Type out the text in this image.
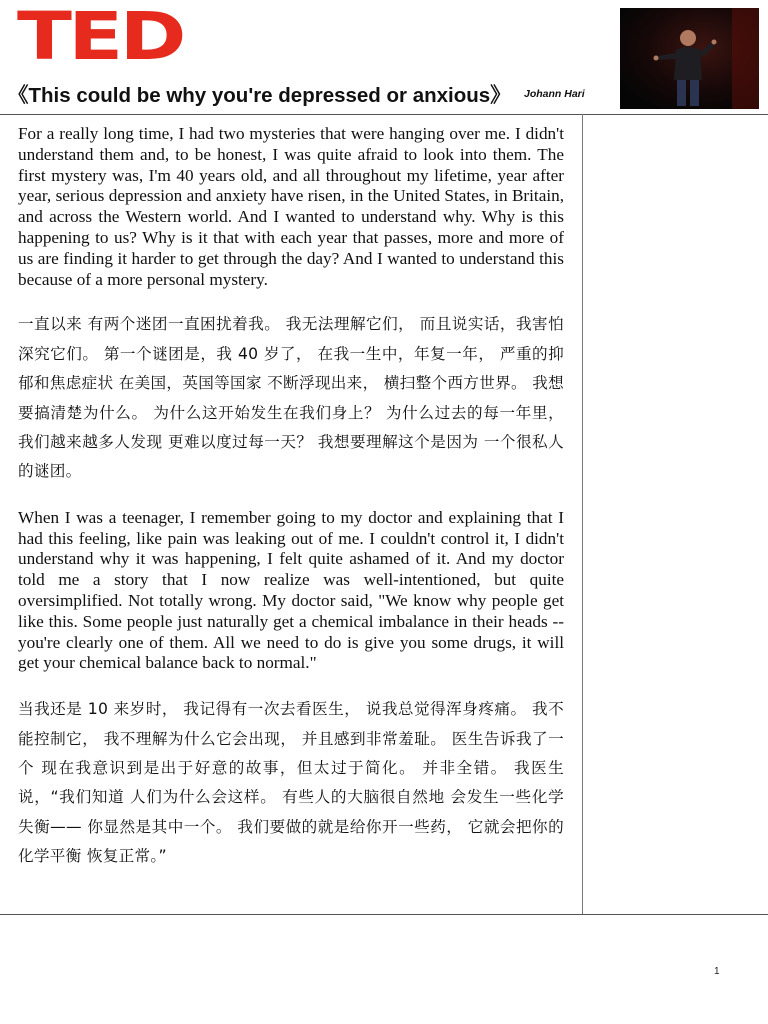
TED
《This could be why you're depressed or anxious》 Johann Hari

For a really long time, I had two mysteries that were hanging over me. I didn't understand them and, to be honest, I was quite afraid to look into them. The first mystery was, I'm 40 years old, and all throughout my lifetime, year after year, serious depression and anxiety have risen, in the United States, in Britain, and across the Western world. And I wanted to understand why. Why is this happening to us? Why is it that with each year that passes, more and more of us are finding it harder to get through the day? And I wanted to understand this because of a more personal mystery.

一直以来 有两个迷团一直困扰着我。 我无法理解它们， 而且说实话，我害怕深究它们。 第一个谜团是，我 40 岁了， 在我一生中，年复一年， 严重的抑郁和焦虑症状 在美国，英国等国家 不断浮现出来， 横扫整个西方世界。 我想要搞清楚为什么。 为什么这开始发生在我们身上？ 为什么过去的每一年里， 我们越来越多人发现 更难以度过每一天？ 我想要理解这个是因为 一个很私人的谜团。

When I was a teenager, I remember going to my doctor and explaining that I had this feeling, like pain was leaking out of me. I couldn't control it, I didn't understand why it was happening, I felt quite ashamed of it. And my doctor told me a story that I now realize was well-intentioned, but quite oversimplified. Not totally wrong. My doctor said, "We know why people get like this. Some people just naturally get a chemical imbalance in their heads -- you're clearly one of them. All we need to do is give you some drugs, it will get your chemical balance back to normal."

当我还是 10 来岁时， 我记得有一次去看医生， 说我总觉得浑身疼痛。 我不能控制它， 我不理解为什么它会出现， 并且感到非常羞耻。 医生告诉我了一个 现在我意识到是出于好意的故事，但太过于简化。 并非全错。 我医生说，“我们知道 人们为什么会这样。 有些人的大脑很自然地 会发生一些化学失衡—— 你显然是其中一个。 我们要做的就是给你开一些药， 它就会把你的化学平衡 恢复正常。”

1
